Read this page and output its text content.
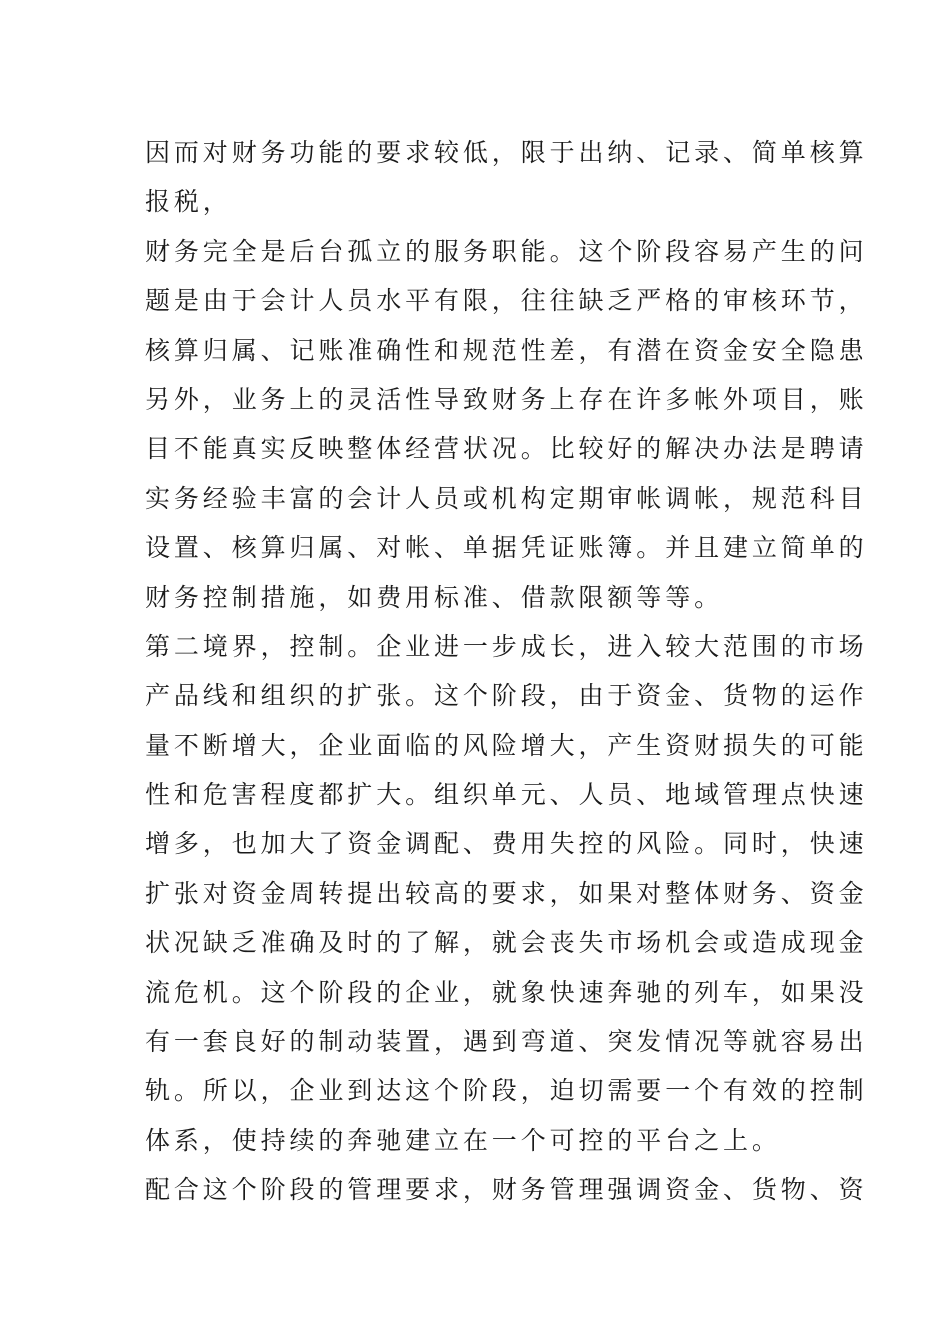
因而对财务功能的要求较低，限于出纳、记录、简单核算
报税，
财务完全是后台孤立的服务职能。这个阶段容易产生的问
题是由于会计人员水平有限，往往缺乏严格的审核环节，
核算归属、记账准确性和规范性差，有潜在资金安全隐患
另外，业务上的灵活性导致财务上存在许多帐外项目，账
目不能真实反映整体经营状况。比较好的解决办法是聘请
实务经验丰富的会计人员或机构定期审帐调帐，规范科目
设置、核算归属、对帐、单据凭证账簿。并且建立简单的
财务控制措施，如费用标准、借款限额等等。
第二境界，控制。企业进一步成长，进入较大范围的市场
产品线和组织的扩张。这个阶段，由于资金、货物的运作
量不断增大，企业面临的风险增大，产生资财损失的可能
性和危害程度都扩大。组织单元、人员、地域管理点快速
增多，也加大了资金调配、费用失控的风险。同时，快速
扩张对资金周转提出较高的要求，如果对整体财务、资金
状况缺乏准确及时的了解，就会丧失市场机会或造成现金
流危机。这个阶段的企业，就象快速奔驰的列车，如果没
有一套良好的制动装置，遇到弯道、突发情况等就容易出
轨。所以，企业到达这个阶段，迫切需要一个有效的控制
体系，使持续的奔驰建立在一个可控的平台之上。
配合这个阶段的管理要求，财务管理强调资金、货物、资
